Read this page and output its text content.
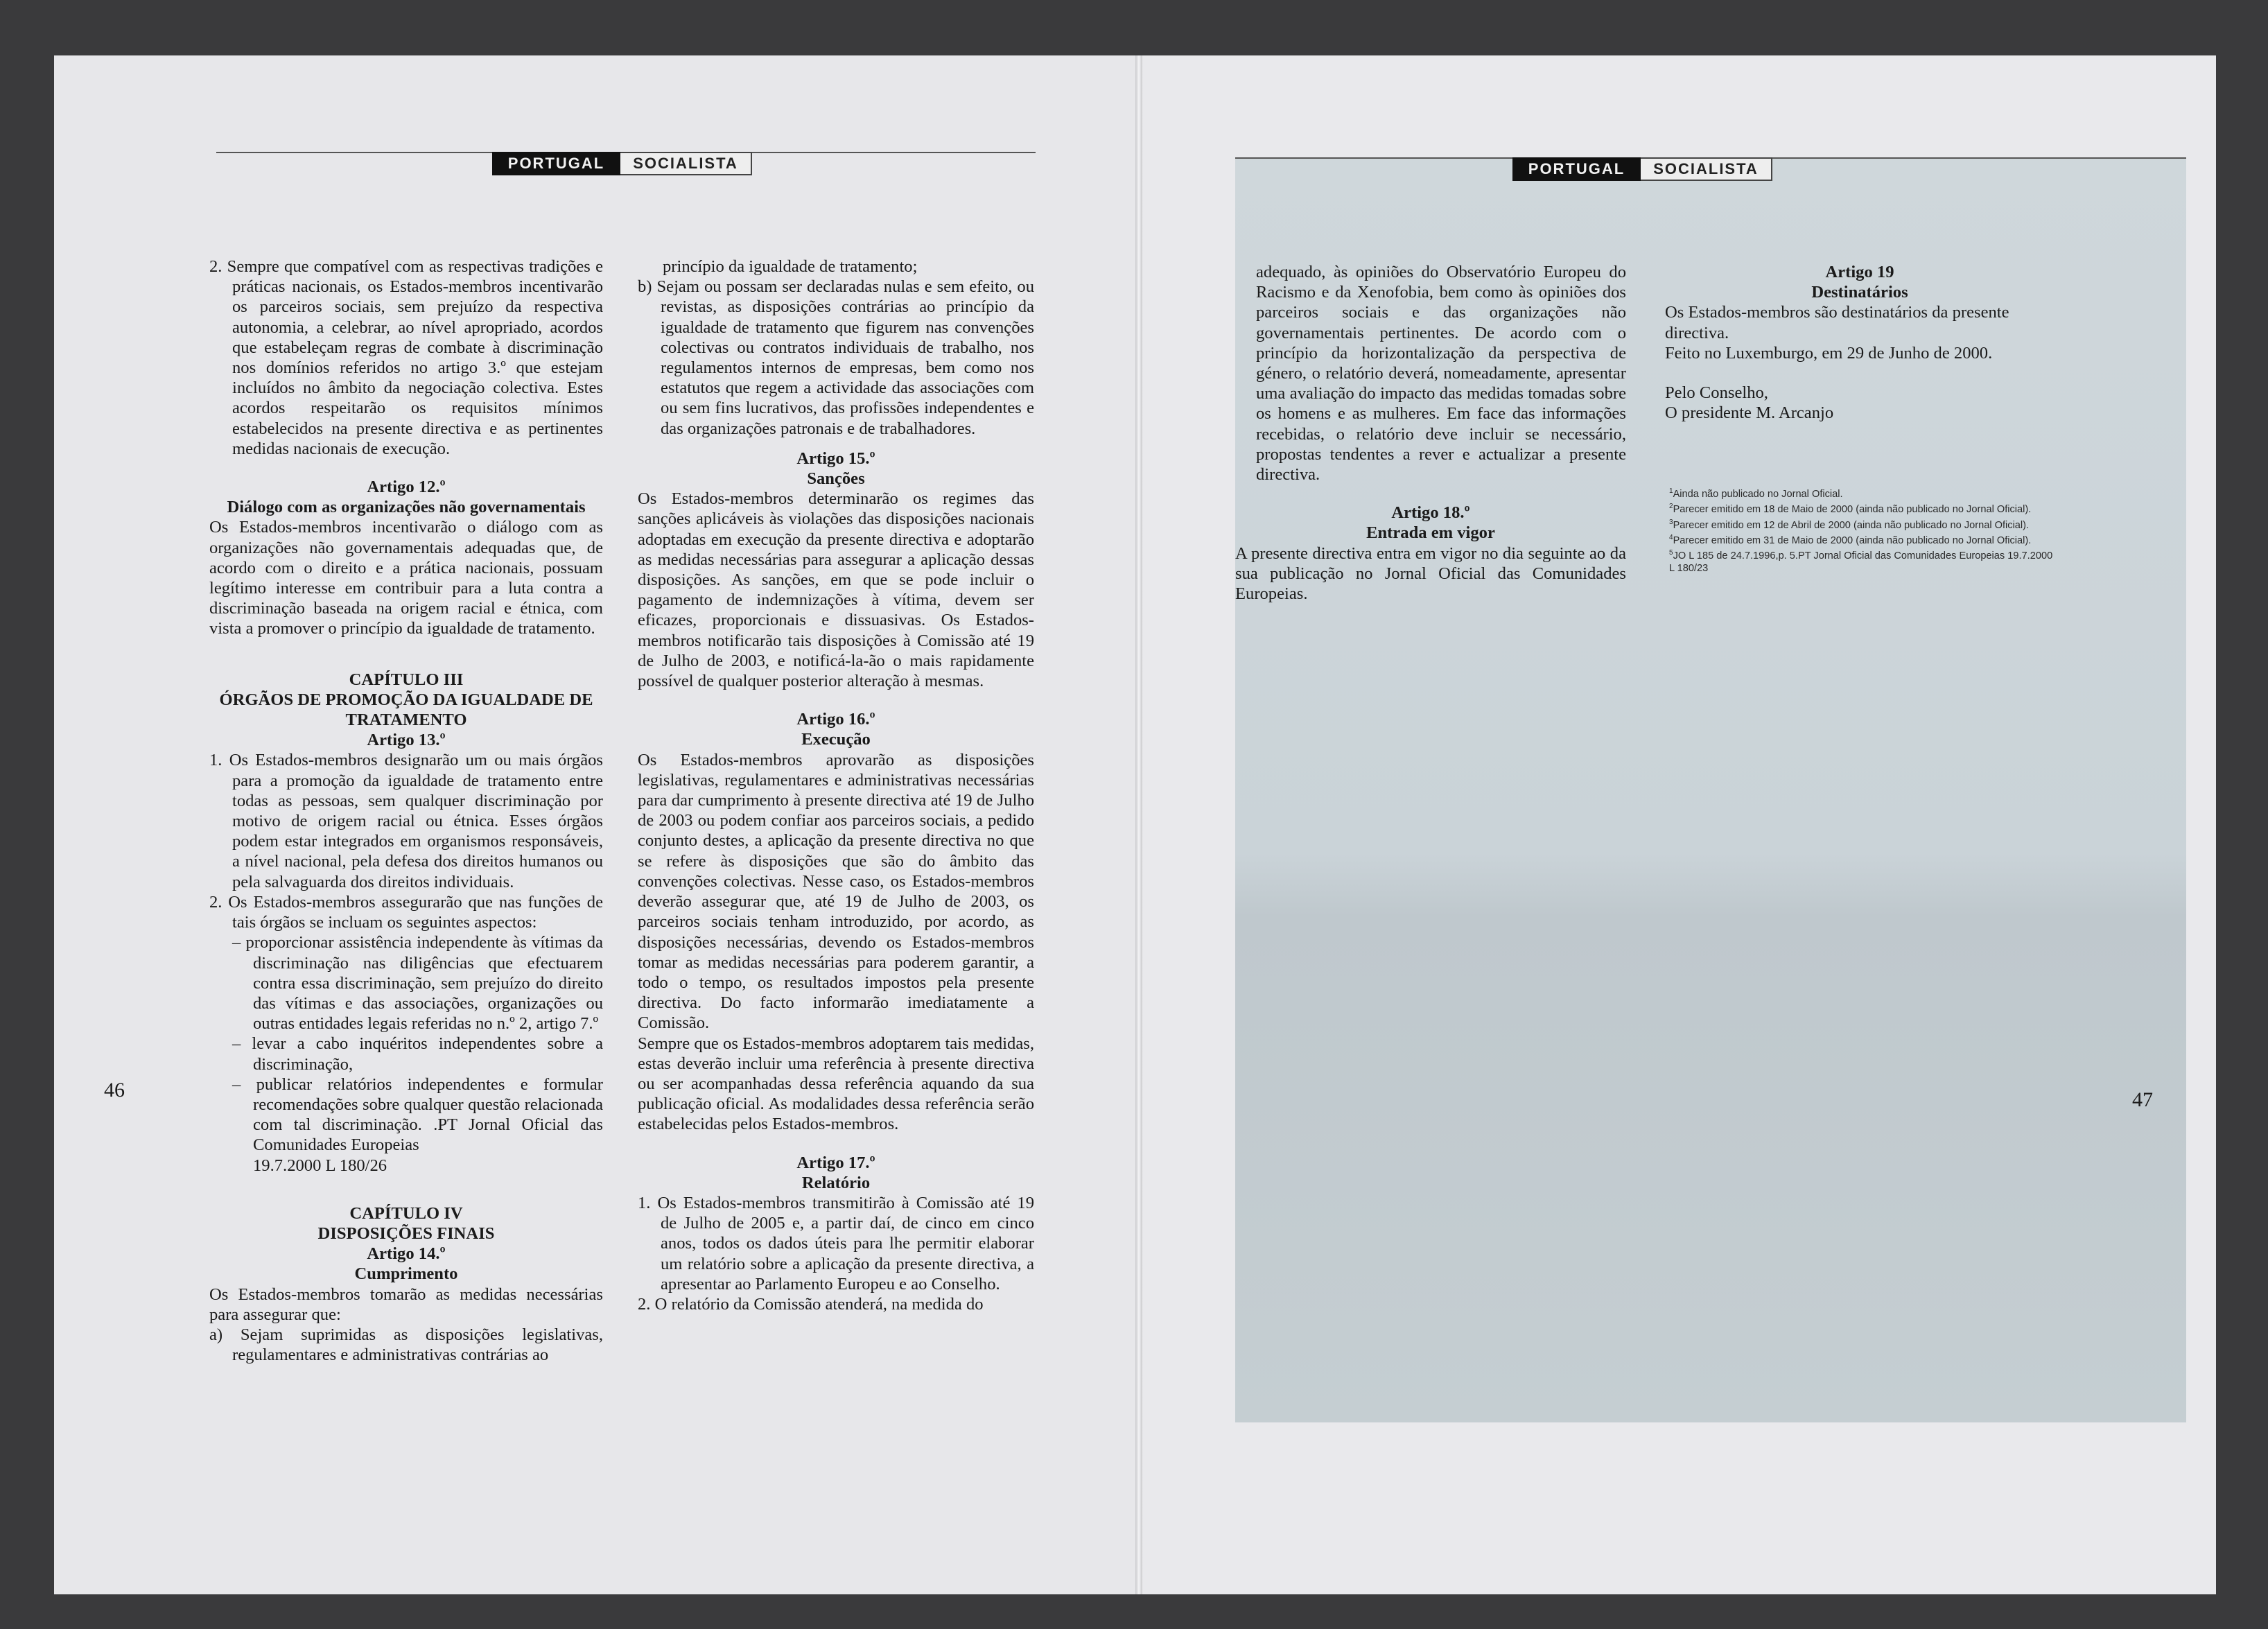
PORTUGAL	SOCIALISTA	PORTUGAL	SOCIALISTA

2. Sempre que compatível com as respectivas tradições e práticas nacionais, os Estados-membros incentivarão os parceiros sociais, sem prejuízo da respectiva autonomia, a celebrar, ao nível apropriado, acordos que estabeleçam regras de combate à discriminação nos domínios referidos no artigo 3.º que estejam incluídos no âmbito da negociação colectiva. Estes acordos respeitarão os requisitos mínimos estabelecidos na presente directiva e as pertinentes medidas nacionais de execução.

Artigo 12.º

Diálogo com as organizações não governamentais

Os Estados-membros incentivarão o diálogo com as organizações não governamentais adequadas que, de acordo com o direito e a prática nacionais, possuam legítimo interesse em contribuir para a luta contra a discriminação baseada na origem racial e étnica, com vista a promover o princípio da igualdade de tratamento.

CAPÍTULO III

ÓRGÃOS DE PROMOÇÃO DA IGUALDADE DE

TRATAMENTO

Artigo 13.º

1. Os Estados-membros designarão um ou mais órgãos para a promoção da igualdade de tratamento entre todas as pessoas, sem qualquer discriminação por motivo de origem racial ou étnica. Esses órgãos podem estar integrados em organismos responsáveis, a nível nacional, pela defesa dos direitos humanos ou pela salvaguarda dos direitos individuais.

2. Os Estados-membros assegurarão que nas funções de tais órgãos se incluam os seguintes aspectos:

– proporcionar assistência independente às vítimas da discriminação nas diligências que efectuarem contra essa discriminação, sem prejuízo do direito das vítimas e das associações, organizações ou outras entidades legais referidas no n.º 2, artigo 7.º

– levar a cabo inquéritos independentes sobre a discriminação,

– publicar relatórios independentes e formular recomendações sobre qualquer questão relacionada com tal discriminação. .PT Jornal Oficial das Comunidades Europeias

19.7.2000 L 180/26

CAPÍTULO IV

DISPOSIÇÕES FINAIS

Artigo 14.º

Cumprimento

Os Estados-membros tomarão as medidas necessárias para assegurar que:

a) Sejam suprimidas as disposições legislativas, regulamentares e administrativas contrárias ao

princípio da igualdade de tratamento;

b) Sejam ou possam ser declaradas nulas e sem efeito, ou revistas, as disposições contrárias ao princípio da igualdade de tratamento que figurem nas convenções colectivas ou contratos individuais de trabalho, nos regulamentos internos de empresas, bem como nos estatutos que regem a actividade das associações com ou sem fins lucrativos, das profissões independentes e das organizações patronais e de trabalhadores.

Artigo 15.º

Sanções

Os Estados-membros determinarão os regimes das sanções aplicáveis às violações das disposições nacionais adoptadas em execução da presente directiva e adoptarão as medidas necessárias para assegurar a aplicação dessas disposições. As sanções, em que se pode incluir o pagamento de indemnizações à vítima, devem ser eficazes, proporcionais e dissuasivas. Os Estados-membros notificarão tais disposições à Comissão até 19 de Julho de 2003, e notificá-la-ão o mais rapidamente possível de qualquer posterior alteração à mesmas.

Artigo 16.º

Execução

Os Estados-membros aprovarão as disposições legislativas, regulamentares e administrativas necessárias para dar cumprimento à presente directiva até 19 de Julho de 2003 ou podem confiar aos parceiros sociais, a pedido conjunto destes, a aplicação da presente directiva no que se refere às disposições que são do âmbito das convenções colectivas. Nesse caso, os Estados-membros deverão assegurar que, até 19 de Julho de 2003, os parceiros sociais tenham introduzido, por acordo, as disposições necessárias, devendo os Estados-membros tomar as medidas necessárias para poderem garantir, a todo o tempo, os resultados impostos pela presente directiva. Do facto informarão imediatamente a Comissão.

Sempre que os Estados-membros adoptarem tais medidas, estas deverão incluir uma referência à presente directiva ou ser acompanhadas dessa referência aquando da sua publicação oficial. As modalidades dessa referência serão estabelecidas pelos Estados-membros.

Artigo 17.º

Relatório

1. Os Estados-membros transmitirão à Comissão até 19 de Julho de 2005 e, a partir daí, de cinco em cinco anos, todos os dados úteis para lhe permitir elaborar um relatório sobre a aplicação da presente directiva, a apresentar ao Parlamento Europeu e ao Conselho.

2. O relatório da Comissão atenderá, na medida do

46

adequado, às opiniões do Observatório Europeu do Racismo e da Xenofobia, bem como às opiniões dos parceiros sociais e das organizações não governamentais pertinentes. De acordo com o princípio da horizontalização da perspectiva de género, o relatório deverá, nomeadamente, apresentar uma avaliação do impacto das medidas tomadas sobre os homens e as mulheres. Em face das informações recebidas, o relatório deve incluir se necessário, propostas tendentes a rever e actualizar a presente directiva.

Artigo 18.º

Entrada em vigor

A presente directiva entra em vigor no dia seguinte ao da sua publicação no Jornal Oficial das Comunidades Europeias.

Artigo 19

Destinatários

Os Estados-membros são destinatários da presente directiva.

Feito no Luxemburgo, em 29 de Junho de 2000.

Pelo Conselho,

O presidente M. Arcanjo

$^1$Ainda não publicado no Jornal Oficial.

$^2$Parecer emitido em 18 de Maio de 2000 (ainda não publicado no Jornal Oficial).

$^3$Parecer emitido em 12 de Abril de 2000 (ainda não publicado no Jornal Oficial).

$^4$Parecer emitido em 31 de Maio de 2000 (ainda não publicado no Jornal Oficial).

$^5$JO L 185 de 24.7.1996,p. 5.PT Jornal Oficial das Comunidades Europeias 19.7.2000 L 180/23

47
